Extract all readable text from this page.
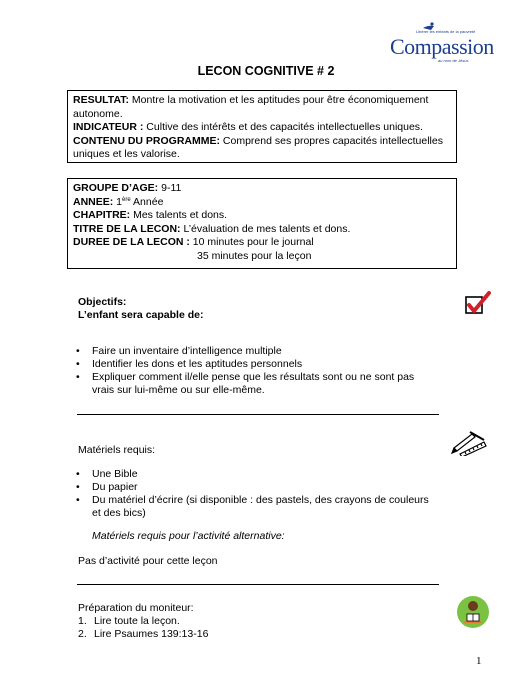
Libérer les enfants de la pauvreté
Compassion
au nom de Jésus
LECON COGNITIVE # 2

RESULTAT: Montre la motivation et les aptitudes pour être économiquement autonome.

INDICATEUR : Cultive des intérêts et des capacités intellectuelles uniques.

CONTENU DU PROGRAMME: Comprend ses propres capacités intellectuelles uniques et les valorise.

GROUPE D’AGE: 9-11

ANNEE: 1ère Année

CHAPITRE: Mes talents et dons.

TITRE DE LA LECON: L’évaluation de mes talents et dons.

DUREE DE LA LECON : 10 minutes pour le journal

35 minutes pour la leçon

Objectifs:
L’enfant sera capable de:
• Faire un inventaire d’intelligence multiple
• Identifier les dons et les aptitudes personnels
• Expliquer comment il/elle pense que les résultats sont ou ne sont pas vrais sur lui-même ou sur elle-même.
Matériels requis:
• Une Bible
• Du papier
• Du matériel d’écrire (si disponible : des pastels, des crayons de couleurs et des bics)
Matériels requis pour l’activité alternative:
Pas d’activité pour cette leçon
Préparation du moniteur:
1. Lire toute la leçon.
2. Lire Psaumes 139:13-16
1
